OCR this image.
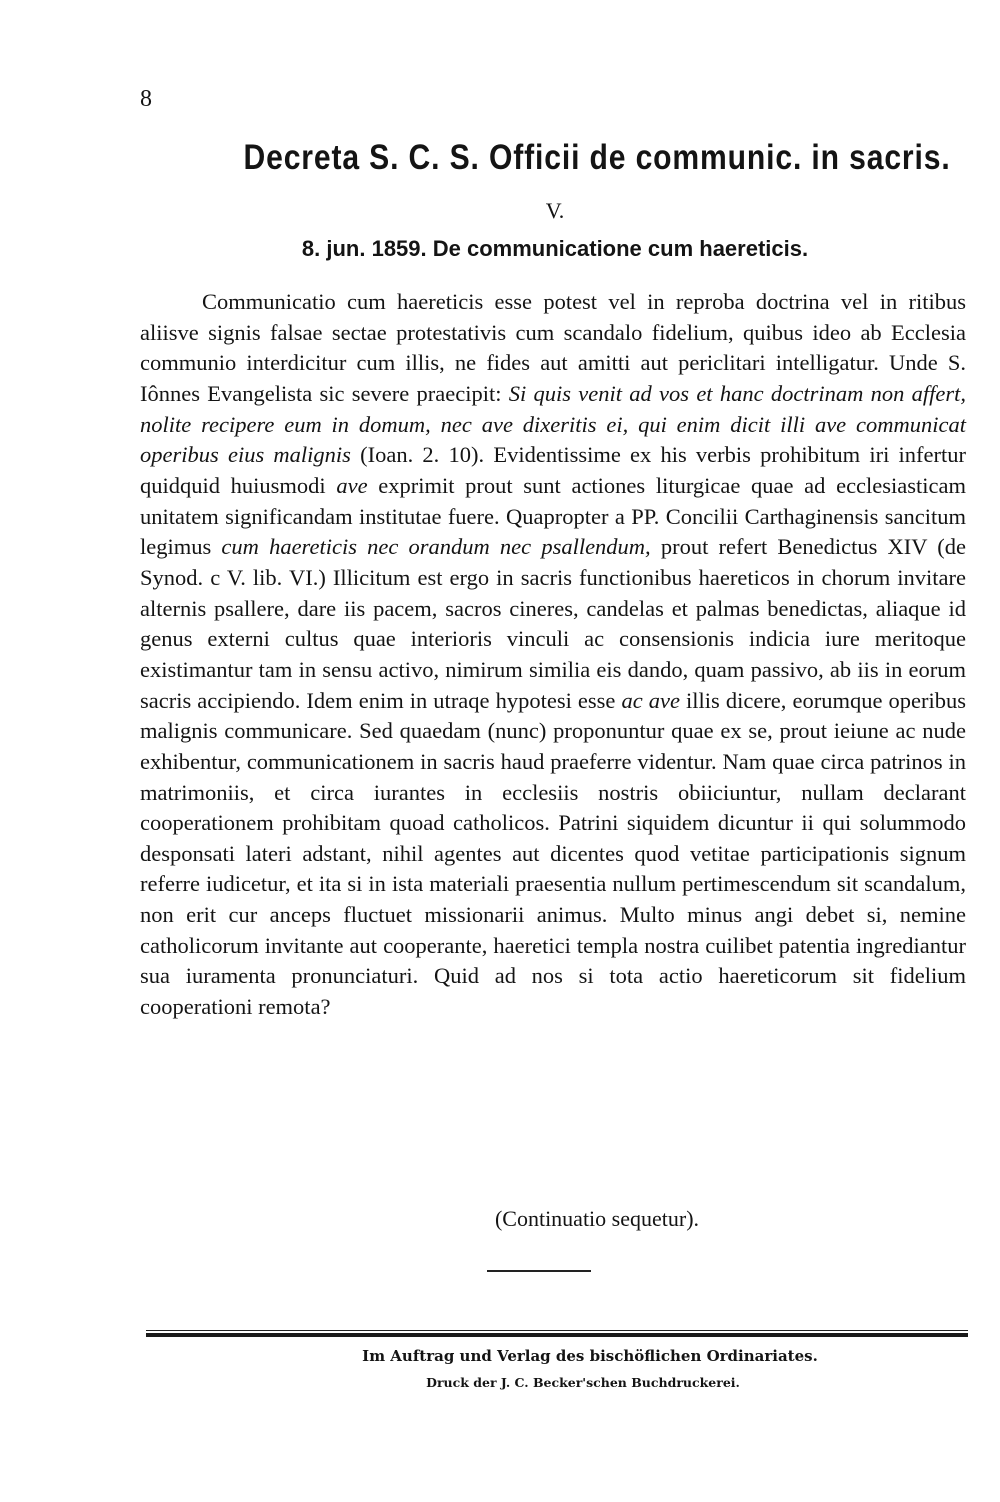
8
Decreta S. C. S. Officii de communic. in sacris.
V.
8. jun. 1859. De communicatione cum haereticis.

Communicatio cum haereticis esse potest vel in reproba doctrina vel in ritibus aliisve signis falsae sectae protestativis cum scandalo fidelium, quibus ideo ab Ecclesia communio interdicitur cum illis, ne fides aut amitti aut periclitari intelligatur. Unde S. Iônnes Evangelista sic severe praecipit: Si quis venit ad vos et hanc doctrinam non affert, nolite recipere eum in domum, nec ave dixeritis ei, qui enim dicit illi ave communicat operibus eius malignis (Ioan. 2. 10). Evidentissime ex his verbis prohibitum iri infertur quidquid huiusmodi ave exprimit prout sunt actiones liturgicae quae ad ecclesiasticam unitatem significandam institutae fuere. Quapropter a PP. Concilii Carthaginensis sancitum legimus cum haereticis nec orandum nec psallendum, prout refert Benedictus XIV (de Synod. c V. lib. VI.) Illicitum est ergo in sacris functionibus haereticos in chorum invitare alternis psallere, dare iis pacem, sacros cineres, candelas et palmas benedictas, aliaque id genus externi cultus quae interioris vinculi ac consensionis indicia iure meritoque existimantur tam in sensu activo, nimirum similia eis dando, quam passivo, ab iis in eorum sacris accipiendo. Idem enim in utraqe hypotesi esse ac ave illis dicere, eorumque operibus malignis communicare. Sed quaedam (nunc) proponuntur quae ex se, prout ieiune ac nude exhibentur, communicationem in sacris haud praeferre videntur. Nam quae circa patrinos in matrimoniis, et circa iurantes in ecclesiis nostris obiiciuntur, nullam declarant cooperationem prohibitam quoad catholicos. Patrini siquidem dicuntur ii qui solummodo desponsati lateri adstant, nihil agentes aut dicentes quod vetitae participationis signum referre iudicetur, et ita si in ista materiali praesentia nullum pertimescendum sit scandalum, non erit cur anceps fluctuet missionarii animus. Multo minus angi debet si, nemine catholicorum invitante aut cooperante, haeretici templa nostra cuilibet patentia ingrediantur sua iuramenta pronunciaturi. Quid ad nos si tota actio haereticorum sit fidelium cooperationi remota?

(Continuatio sequetur).
Im Auftrag und Verlag des bischöflichen Ordinariates.
Druck der J. C. Becker'schen Buchdruckerei.
